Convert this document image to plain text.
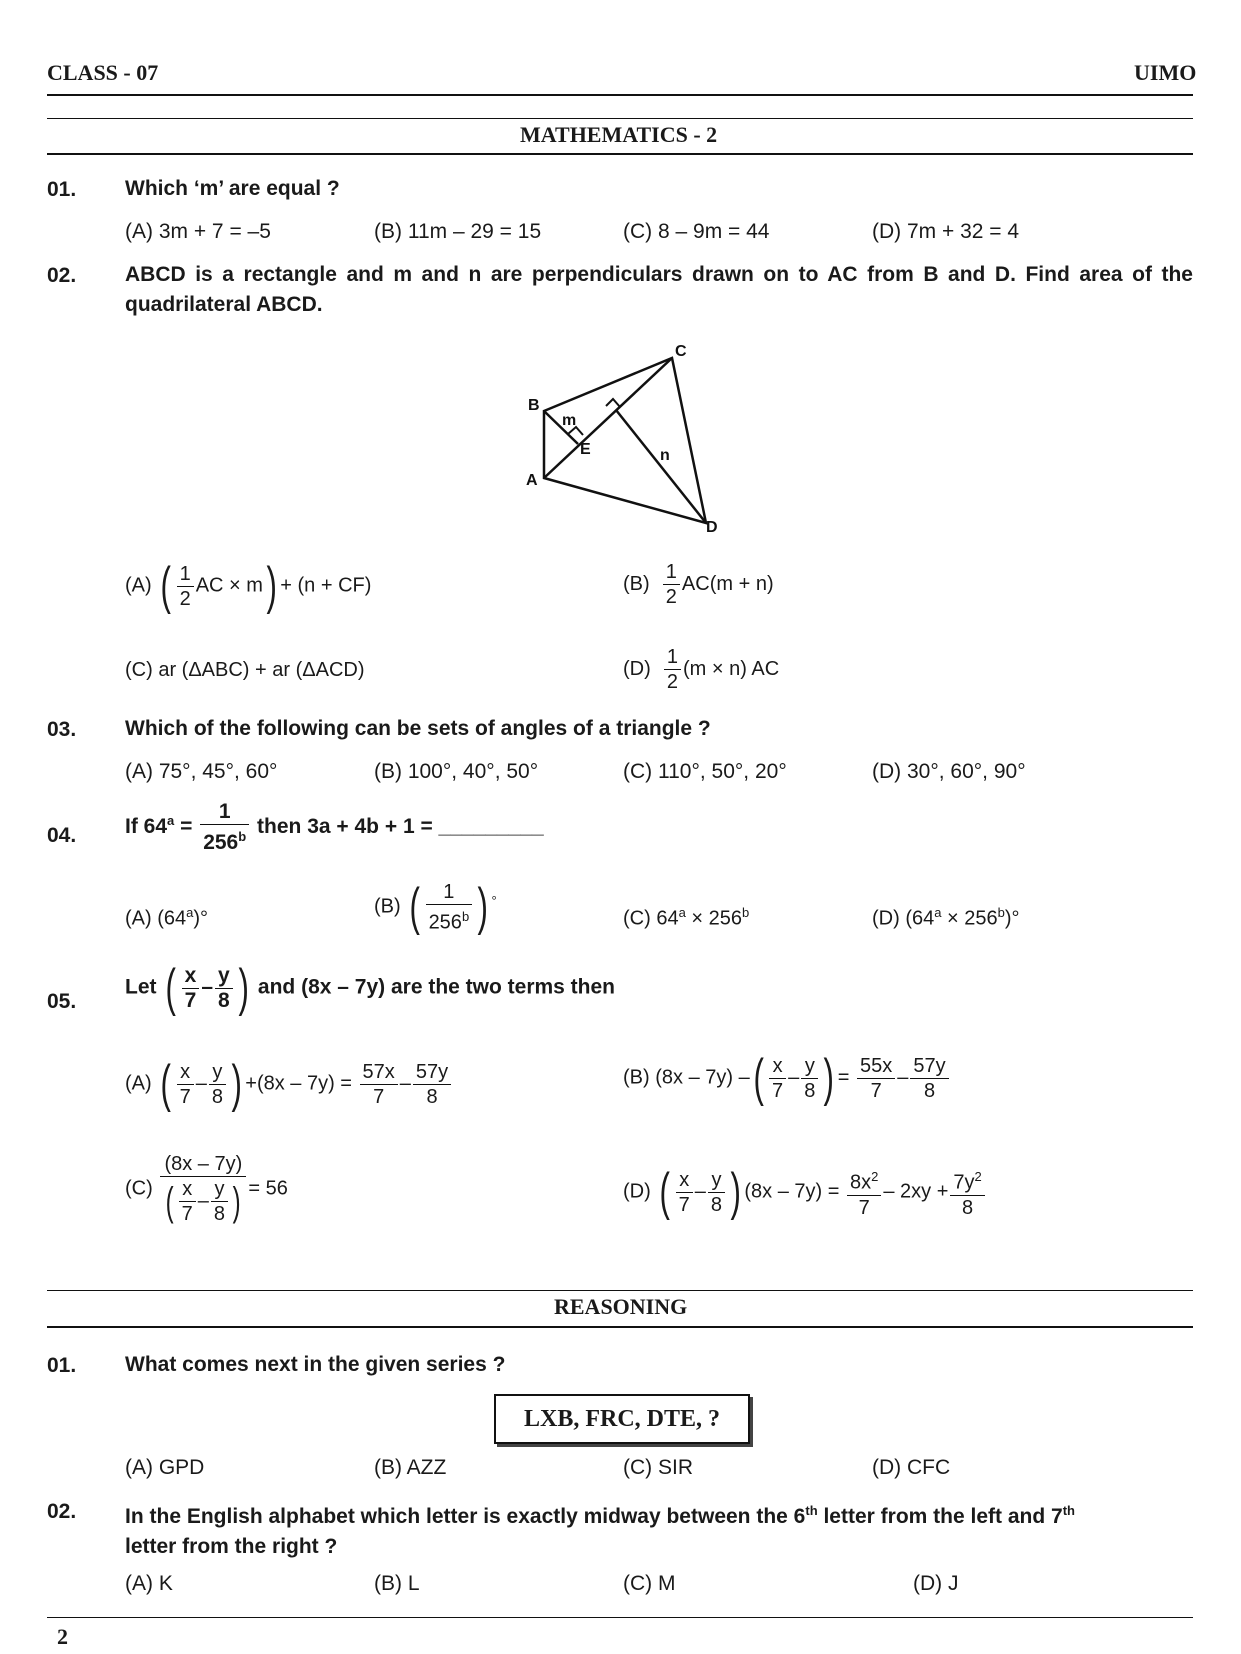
CLASS - 07	UIMO
MATHEMATICS - 2
01. Which ‘m’ are equal ?
(A) 3m + 7 = –5	(B) 11m – 29 = 15	(C) 8 – 9m = 44	(D) 7m + 32 = 4
02. ABCD is a rectangle and m and n are perpendiculars drawn on to AC from B and D. Find area of the quadrilateral ABCD.
B
A
C
D
E
m
n
(A) ( $\frac{1}{2}$ AC × m) + (n + CF)	$(B) \frac{1}{2} AC(m + n)$
(C) ar (ΔABC) + ar (ΔACD)	$(D) \frac{1}{2} (m \times n)$ AC
03. Which of the following can be sets of angles of a triangle ?
(A) 75°, 45°, 60°	(B) 100°, 40°, 50°	(C) 110°, 50°, 20°	(D) 30°, 60°, 90°
04. If $64^a = \frac{1}{256^b}$ then 3a + 4b + 1 = _________
(A) (64$^a$)°
(B) ( $\frac{1}{256^b}$ ) °
(C) $64^a \times 256^b$	(D) $(64^a \times 256^b)^\circ$
05.
Let ( $\frac{x}{7} - \frac{y}{8}$ ) and (8x – 7y) are the two terms then
(A) ( $\frac{x}{7} - \frac{y}{8}$ ) $+(8x - 7y) = \frac{57x}{7} - \frac{57y}{8}$	(B) (8x – 7y) –( $\frac{x}{7} - \frac{y}{8}$ ) = $\frac{55x}{7} - \frac{57y}{8}$
$(C) \frac{(8x - 7y)}{( \frac{x}{7} - \frac{y}{8} )} = 56$	(D) ( $\frac{x}{7} - \frac{y}{8}$ ) $(8x - 7y) = \frac{8x^2}{7} - 2xy + \frac{7y^2}{8}$
REASONING
01. What comes next in the given series ?
LXB, FRC, DTE, ?
(A) GPD	(B) AZZ	(C) SIR	(D) CFC
02. In the English alphabet which letter is exactly midway between the 6th letter from the left and 7th
letter from the right ?
(A) K	(B) L	(C) M	(D) J
2
